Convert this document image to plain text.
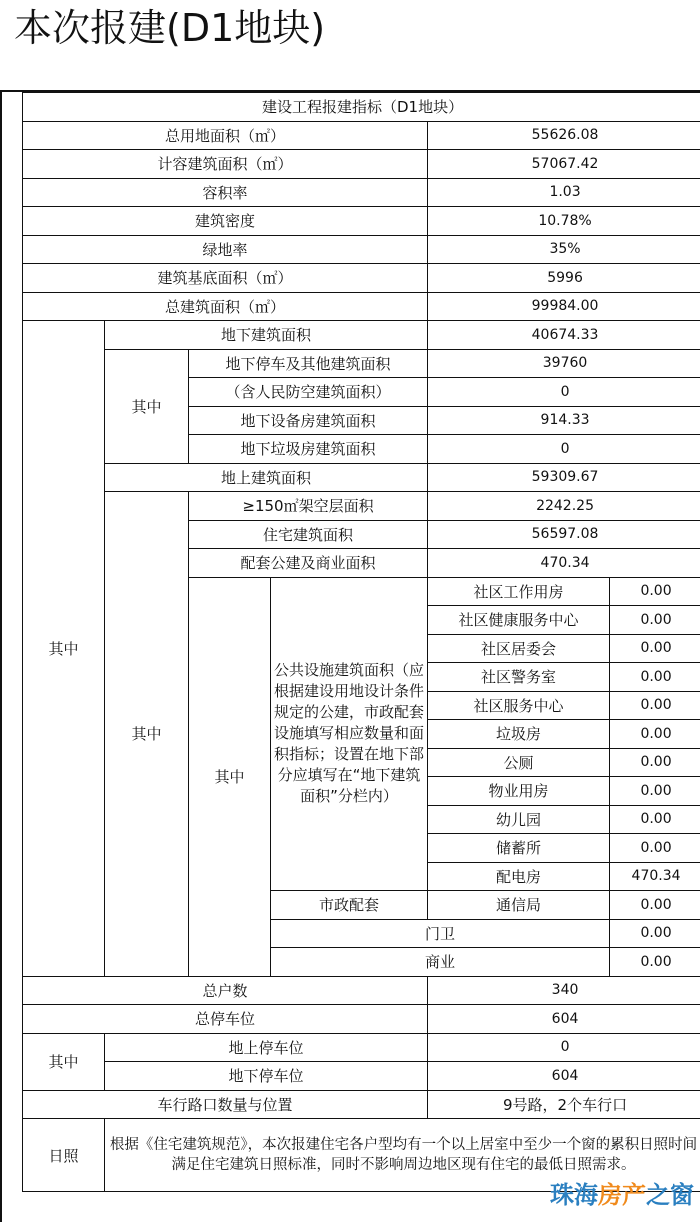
本次报建(D1地块)
建设工程报建指标（D1地块）					
总用地面积（㎡）				55626.08	
计容建筑面积（㎡）				57067.42	
容积率				1.03	
建筑密度				10.78%	
绿地率				35%	
建筑基底面积（㎡）				5996	
总建筑面积（㎡）				99984.00	
其中	地下建筑面积			40674.33	
	其中	地下停车及其他建筑面积		39760	
		（含人民防空建筑面积）		0	
		地下设备房建筑面积		914.33	
		地下垃圾房建筑面积		0	
	地上建筑面积			59309.67	
	其中	≥150㎡架空层面积		2242.25	
		住宅建筑面积		56597.08	
		配套公建及商业面积		470.34	
		其中	公共设施建筑面积（应根据建设用地设计条件规定的公建，市政配套设施填写相应数量和面积指标；设置在地下部分应填写在“地下建筑面积”分栏内）	社区工作用房	0.00
				社区健康服务中心	0.00
				社区居委会	0.00
				社区警务室	0.00
				社区服务中心	0.00
				垃圾房	0.00
				公厕	0.00
				物业用房	0.00
				幼儿园	0.00
				储蓄所	0.00
				配电房	470.34
			市政配套	通信局	0.00
			门卫		0.00
			商业		0.00
总户数				340	
总停车位				604	
其中	地上停车位			0	
	地下停车位			604	
车行路口数量与位置				9号路，2个车行口	
日照	根据《住宅建筑规范》，本次报建住宅各户型均有一个以上居室中至少一个窗的累积日照时间满足住宅建筑日照标准，同时不影响周边地区现有住宅的最低日照需求。				
珠海房产之窗
